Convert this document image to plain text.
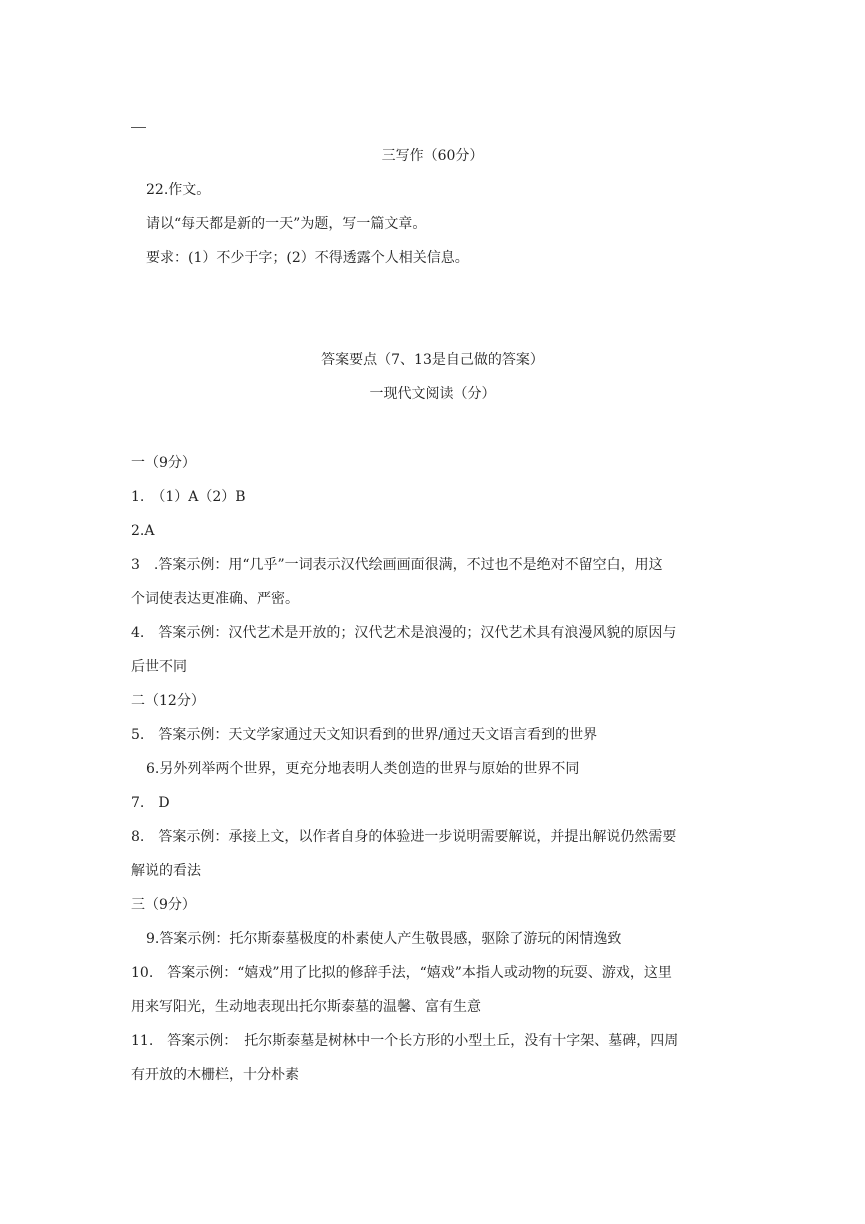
三写作（60分）
22.作文。
请以“每天都是新的一天”为题，写一篇文章。
要求：(1）不少于字；(2）不得透露个人相关信息。
答案要点（7、13是自己做的答案）
一现代文阅读（分）
一（9分）
1.　（1）A（2）B
2.A
3　.答案示例：用“几乎”一词表示汉代绘画画面很满，不过也不是绝对不留空白，用这
个词使表达更准确、严密。
4.　答案示例：汉代艺术是开放的；汉代艺术是浪漫的；汉代艺术具有浪漫风貌的原因与
后世不同
二（12分）
5.　答案示例：天文学家通过天文知识看到的世界/通过天文语言看到的世界
6.另外列举两个世界，更充分地表明人类创造的世界与原始的世界不同
7.　D
8.　答案示例：承接上文，以作者自身的体验进一步说明需要解说，并提出解说仍然需要
解说的看法
三（9分）
9.答案示例：托尔斯泰墓极度的朴素使人产生敬畏感，驱除了游玩的闲情逸致
10.　答案示例：“嬉戏”用了比拟的修辞手法，“嬉戏”本指人或动物的玩耍、游戏，这里
用来写阳光，生动地表现出托尔斯泰墓的温馨、富有生意
11.　答案示例：　托尔斯泰墓是树林中一个长方形的小型土丘，没有十字架、墓碑，四周
有开放的木栅栏，十分朴素
